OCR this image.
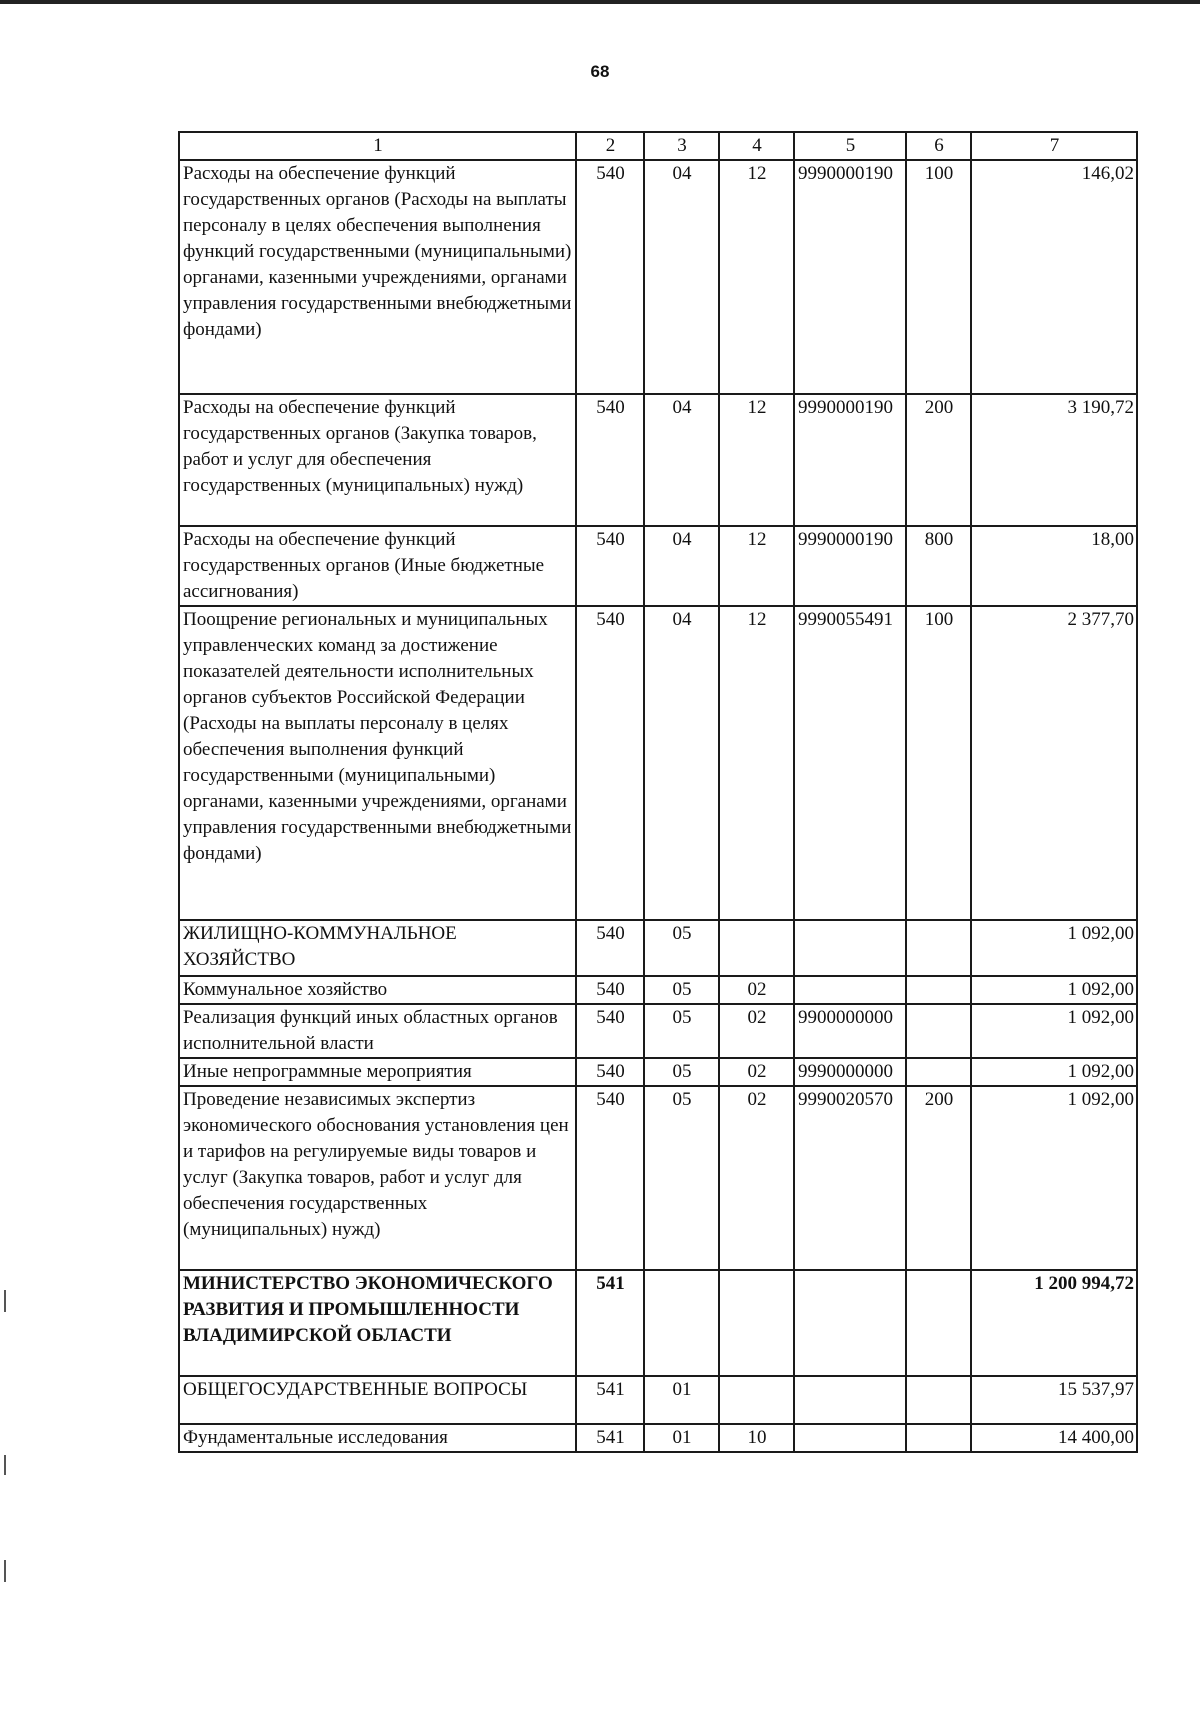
68
1	2	3	4	5	6	7
Расходы на обеспечение функций государственных органов (Расходы на выплаты персоналу в целях обеспечения выполнения функций государственными (муниципальными) органами, казенными учреждениями, органами управления государственными внебюджетными фондами)	540	04	12	9990000190	100	146,02
Расходы на обеспечение функций государственных органов (Закупка товаров, работ и услуг для обеспечения государственных (муниципальных) нужд)	540	04	12	9990000190	200	3 190,72
Расходы на обеспечение функций государственных органов (Иные бюджетные ассигнования)	540	04	12	9990000190	800	18,00
Поощрение региональных и муниципальных управленческих команд за достижение показателей деятельности исполнительных органов субъектов Российской Федерации (Расходы на выплаты персоналу в целях обеспечения выполнения функций государственными (муниципальными) органами, казенными учреждениями, органами управления государственными внебюджетными фондами)	540	04	12	9990055491	100	2 377,70
ЖИЛИЩНО-КОММУНАЛЬНОЕ ХОЗЯЙСТВО	540	05				1 092,00
Коммунальное хозяйство	540	05	02			1 092,00
Реализация функций иных областных органов исполнительной власти	540	05	02	9900000000		1 092,00
Иные непрограммные мероприятия	540	05	02	9990000000		1 092,00
Проведение независимых экспертиз экономического обоснования установления цен и тарифов на регулируемые виды товаров и услуг (Закупка товаров, работ и услуг для обеспечения государственных (муниципальных) нужд)	540	05	02	9990020570	200	1 092,00
МИНИСТЕРСТВО ЭКОНОМИЧЕСКОГО РАЗВИТИЯ И ПРОМЫШЛЕННОСТИ ВЛАДИМИРСКОЙ ОБЛАСТИ	541					1 200 994,72
ОБЩЕГОСУДАРСТВЕННЫЕ ВОПРОСЫ	541	01				15 537,97
Фундаментальные исследования	541	01	10			14 400,00
